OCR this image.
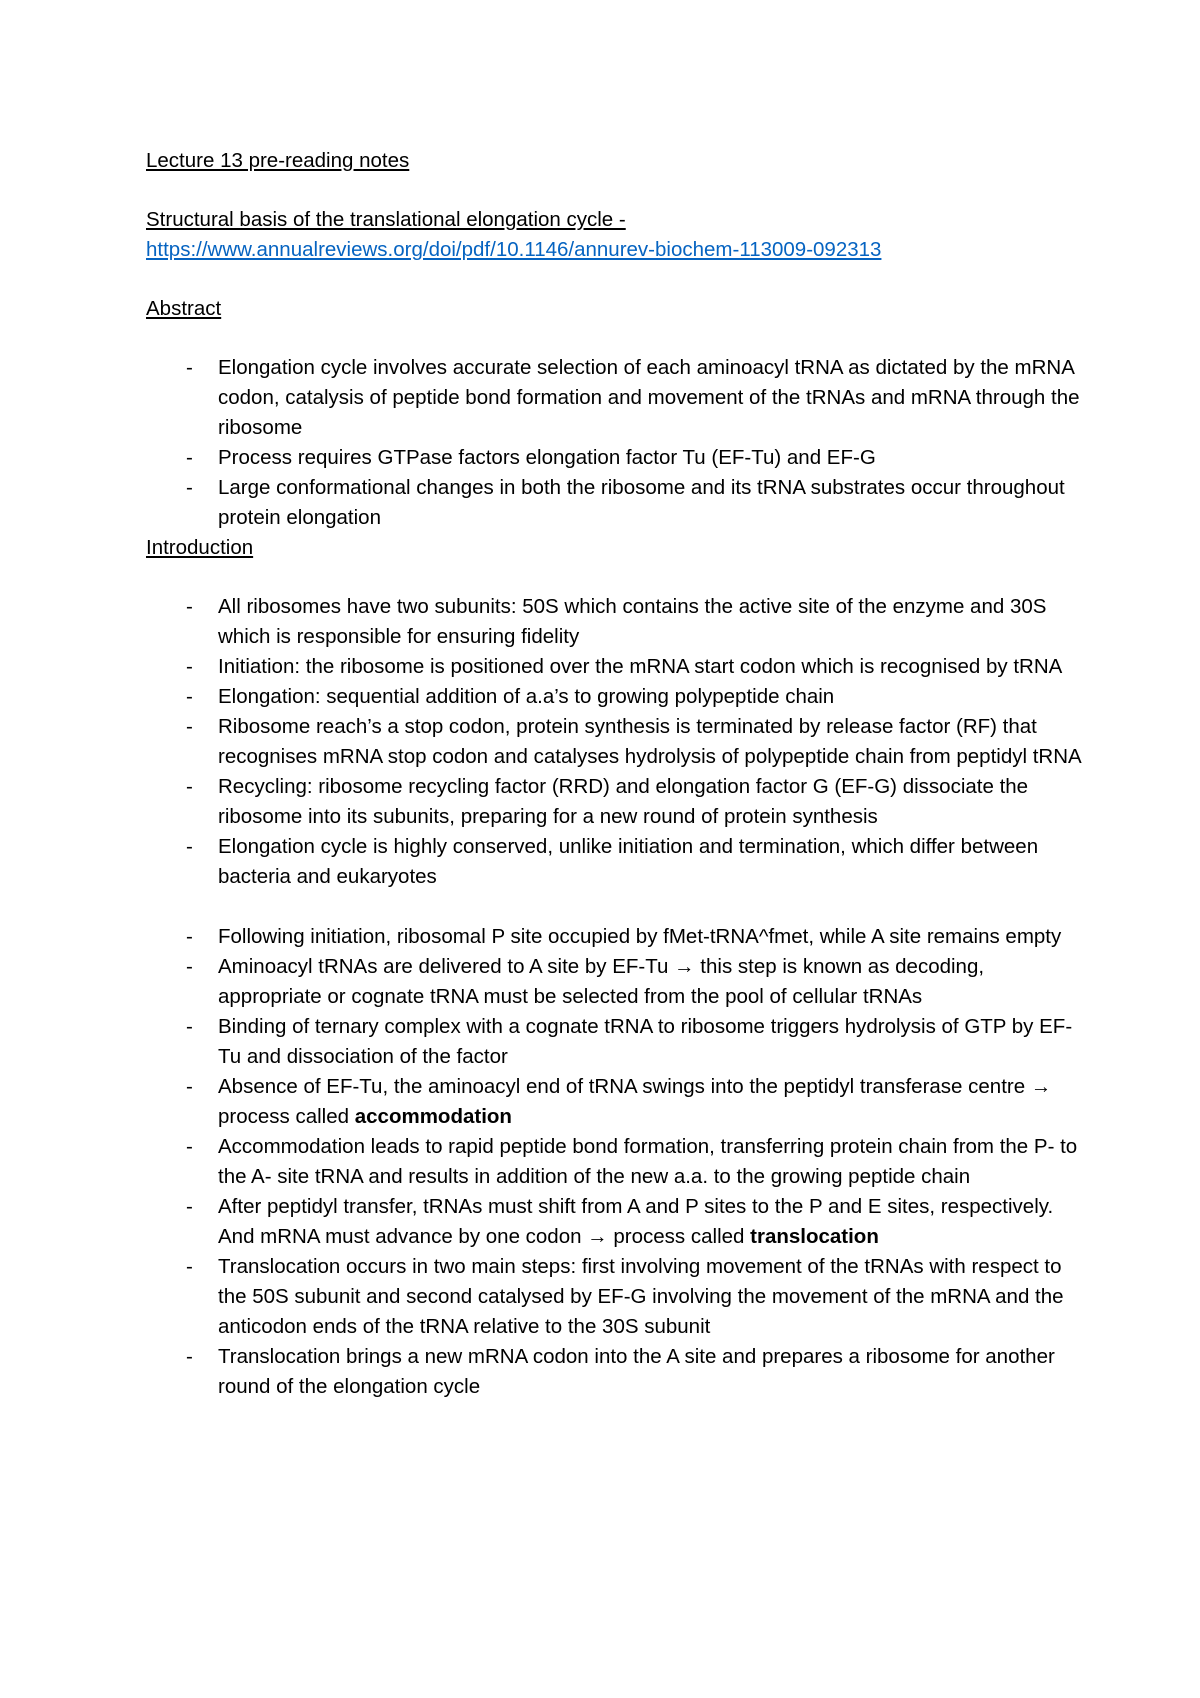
Lecture 13 pre-reading notes

Structural basis of the translational elongation cycle -

https://www.annualreviews.org/doi/pdf/10.1146/annurev-biochem-113009-092313

Abstract

- Elongation cycle involves accurate selection of each aminoacyl tRNA as dictated by the mRNA codon, catalysis of peptide bond formation and movement of the tRNAs and mRNA through the ribosome
- Process requires GTPase factors elongation factor Tu (EF-Tu) and EF-G
- Large conformational changes in both the ribosome and its tRNA substrates occur throughout protein elongation

Introduction

- All ribosomes have two subunits: 50S which contains the active site of the enzyme and 30S which is responsible for ensuring fidelity
- Initiation: the ribosome is positioned over the mRNA start codon which is recognised by tRNA
- Elongation: sequential addition of a.a’s to growing polypeptide chain
- Ribosome reach’s a stop codon, protein synthesis is terminated by release factor (RF) that recognises mRNA stop codon and catalyses hydrolysis of polypeptide chain from peptidyl tRNA
- Recycling: ribosome recycling factor (RRD) and elongation factor G (EF-G) dissociate the ribosome into its subunits, preparing for a new round of protein synthesis
- Elongation cycle is highly conserved, unlike initiation and termination, which differ between bacteria and eukaryotes
- Following initiation, ribosomal P site occupied by fMet-tRNA^fmet, while A site remains empty
- Aminoacyl tRNAs are delivered to A site by EF-Tu → this step is known as decoding, appropriate or cognate tRNA must be selected from the pool of cellular tRNAs
- Binding of ternary complex with a cognate tRNA to ribosome triggers hydrolysis of GTP by EF-Tu and dissociation of the factor
- Absence of EF-Tu, the aminoacyl end of tRNA swings into the peptidyl transferase centre → process called accommodation
- Accommodation leads to rapid peptide bond formation, transferring protein chain from the P- to the A- site tRNA and results in addition of the new a.a. to the growing peptide chain
- After peptidyl transfer, tRNAs must shift from A and P sites to the P and E sites, respectively. And mRNA must advance by one codon → process called translocation
- Translocation occurs in two main steps: first involving movement of the tRNAs with respect to the 50S subunit and second catalysed by EF-G involving the movement of the mRNA and the anticodon ends of the tRNA relative to the 30S subunit
- Translocation brings a new mRNA codon into the A site and prepares a ribosome for another round of the elongation cycle
